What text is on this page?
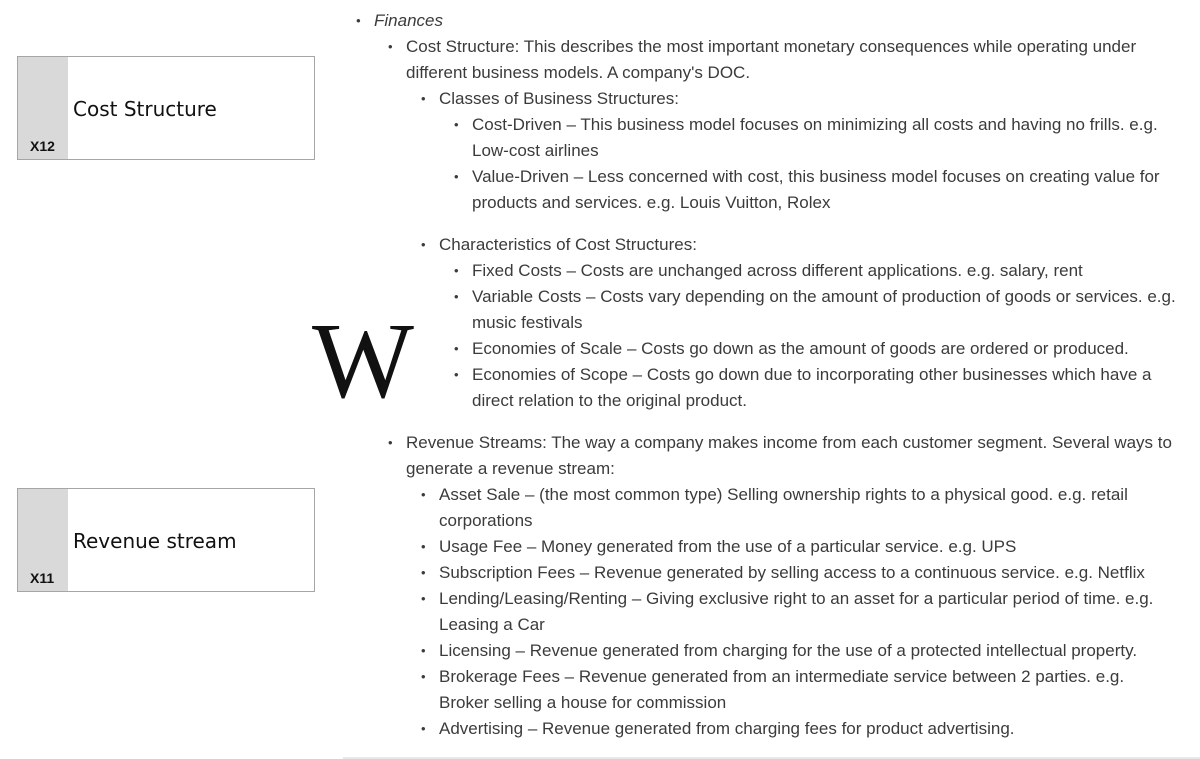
X12
Cost Structure
X11
Revenue stream
W
• Finances
• Cost Structure: This describes the most important monetary consequences while operating under different business models. A company's DOC.
• Classes of Business Structures:
• Cost-Driven – This business model focuses on minimizing all costs and having no frills. e.g. Low-cost airlines
• Value-Driven – Less concerned with cost, this business model focuses on creating value for products and services. e.g. Louis Vuitton, Rolex
• Characteristics of Cost Structures:
• Fixed Costs – Costs are unchanged across different applications. e.g. salary, rent
• Variable Costs – Costs vary depending on the amount of production of goods or services. e.g. music festivals
• Economies of Scale – Costs go down as the amount of goods are ordered or produced.
• Economies of Scope – Costs go down due to incorporating other businesses which have a direct relation to the original product.
• Revenue Streams: The way a company makes income from each customer segment. Several ways to generate a revenue stream:
• Asset Sale – (the most common type) Selling ownership rights to a physical good. e.g. retail corporations
• Usage Fee – Money generated from the use of a particular service. e.g. UPS
• Subscription Fees – Revenue generated by selling access to a continuous service. e.g. Netflix
• Lending/Leasing/Renting – Giving exclusive right to an asset for a particular period of time. e.g. Leasing a Car
• Licensing – Revenue generated from charging for the use of a protected intellectual property.
• Brokerage Fees – Revenue generated from an intermediate service between 2 parties. e.g. Broker selling a house for commission
• Advertising – Revenue generated from charging fees for product advertising.
